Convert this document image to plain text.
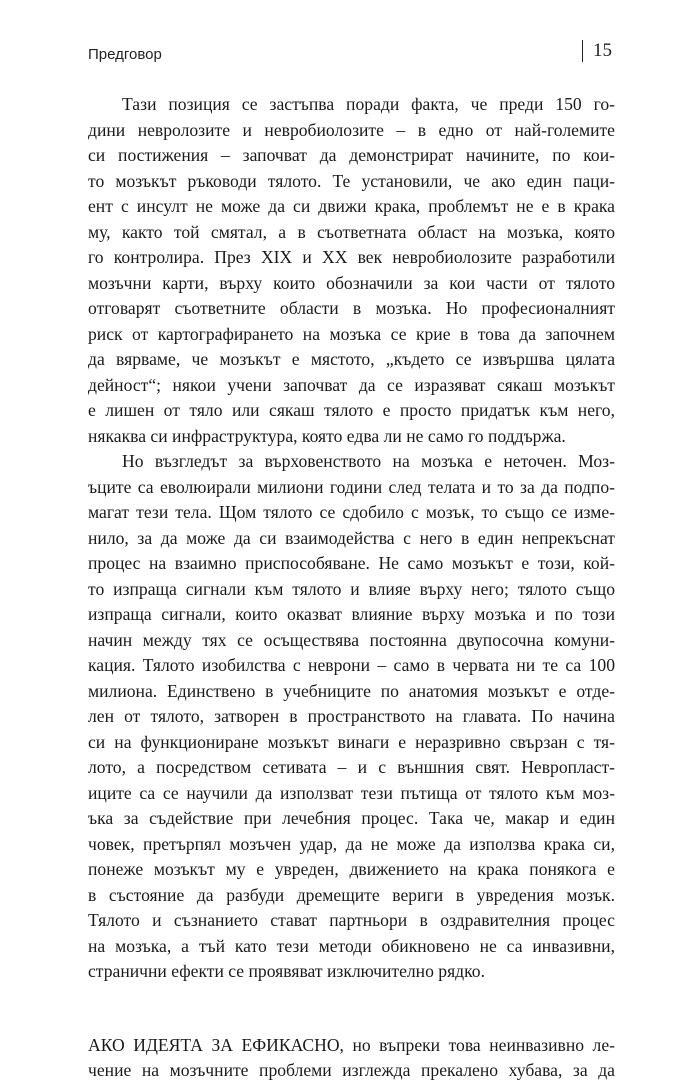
Предговор	15
Тази позиция се застъпва поради факта, че преди 150 го-
дини невролозите и невробиолозите – в едно от най-големите
си постижения – започват да демонстрират начините, по кои-
то мозъкът ръководи тялото. Те установили, че ако един паци-
ент с инсулт не може да си движи крака, проблемът не е в крака
му, както той смятал, а в съответната област на мозъка, която
го контролира. През XIX и XX век невробиолозите разработили
мозъчни карти, върху които обозначили за кои части от тялото
отговарят съответните области в мозъка. Но професионалният
риск от картографирането на мозъка се крие в това да започнем
да вярваме, че мозъкът е мястото, „където се извършва цялата
дейност“; някои учени започват да се изразяват сякаш мозъкът
е лишен от тяло или сякаш тялото е просто придатък към него,
някаква си инфраструктура, която едва ли не само го поддържа.
Но възгледът за върховенството на мозъка е неточен. Моз-
ъците са еволюирали милиони години след телата и то за да подпо-
магат тези тела. Щом тялото се сдобило с мозък, то също се изме-
нило, за да може да си взаимодейства с него в един непрекъснат
процес на взаимно приспособяване. Не само мозъкът е този, кой-
то изпраща сигнали към тялото и влияе върху него; тялото също
изпраща сигнали, които оказват влияние върху мозъка и по този
начин между тях се осъществява постоянна двупосочна комуни-
кация. Тялото изобилства с неврони – само в червата ни те са 100
милиона. Единствено в учебниците по анатомия мозъкът е отде-
лен от тялото, затворен в пространството на главата. По начина
си на функциониране мозъкът винаги е неразривно свързан с тя-
лото, а посредством сетивата – и с външния свят. Невропласт-
иците са се научили да използват тези пътища от тялото към моз-
ъка за съдействие при лечебния процес. Така че, макар и един
човек, претърпял мозъчен удар, да не може да използва крака си,
понеже мозъкът му е увреден, движението на крака понякога е
в състояние да разбуди дремещите вериги в увредения мозък.
Тялото и съзнанието стават партньори в оздравителния процес
на мозъка, а тъй като тези методи обикновено не са инвазивни,
странични ефекти се проявяват изключително рядко.
АКО ИДЕЯТА ЗА ЕФИКАСНО, но въпреки това неинвазивно ле-
чение на мозъчните проблеми изглежда прекалено хубава, за да
